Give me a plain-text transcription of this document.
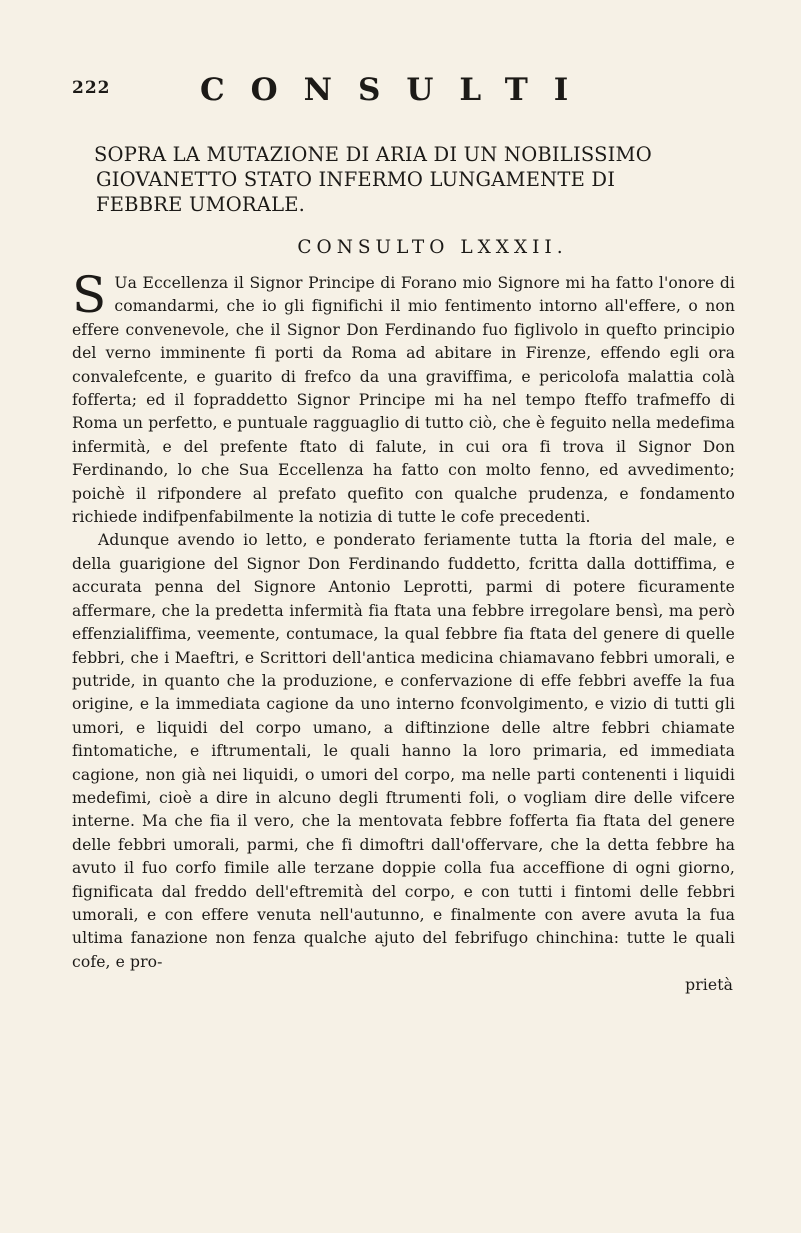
222	CONSULTI
SOPRA LA MUTAZIONE DI ARIA DI UN NOBILISSIMO
GIOVANETTO STATO INFERMO LUNGAMENTE DI
FEBBRE UMORALE.
CONSULTO LXXXII.

S Ua Eccellenza il Signor Principe di Forano mio Signore mi ha fatto l'onore di comandarmi, che io gli fignifichi il mio fentimento intorno all'effere, o non effere convenevole, che il Signor Don Ferdinando fuo figlivolo in quefto principio del verno imminente fi porti da Roma ad abitare in Firenze, effendo egli ora convalefcente, e guarito di frefco da una graviffima, e pericolofa malattia colà fofferta; ed il fopraddetto Signor Principe mi ha nel tempo fteffo trafmeffo di Roma un perfetto, e puntuale ragguaglio di tutto ciò, che è feguito nella medefima infermità, e del prefente ftato di falute, in cui ora fi trova il Signor Don Ferdinando, lo che Sua Eccellenza ha fatto con molto fenno, ed avvedimento; poichè il rifpondere al prefato quefito con qualche prudenza, e fondamento richiede indifpenfabilmente la notizia di tutte le cofe precedenti.

Adunque avendo io letto, e ponderato feriamente tutta la ftoria del male, e della guarigione del Signor Don Ferdinando fuddetto, fcritta dalla dottiffima, e accurata penna del Signore Antonio Leprotti, parmi di potere ficuramente affermare, che la predetta infermità fia ftata una febbre irregolare bensì, ma però effenzialiffima, veemente, contumace, la qual febbre fia ftata del genere di quelle febbri, che i Maeftri, e Scrittori dell'antica medicina chiamavano febbri umorali, e putride, in quanto che la produzione, e confervazione di effe febbri aveffe la fua origine, e la immediata cagione da uno interno fconvolgimento, e vizio di tutti gli umori, e liquidi del corpo umano, a diftinzione delle altre febbri chiamate fintomatiche, e iftrumentali, le quali hanno la loro primaria, ed immediata cagione, non già nei liquidi, o umori del corpo, ma nelle parti contenenti i liquidi medefimi, cioè a dire in alcuno degli ftrumenti foli, o vogliam dire delle vifcere interne. Ma che fia il vero, che la mentovata febbre fofferta fia ftata del genere delle febbri umorali, parmi, che fi dimoftri dall'offervare, che la detta febbre ha avuto il fuo corfo fimile alle terzane doppie colla fua acceffione di ogni giorno, fignificata dal freddo dell'eftremità del corpo, e con tutti i fintomi delle febbri umorali, e con effere venuta nell'autunno, e finalmente con avere avuta la fua ultima fanazione non fenza qualche ajuto del febrifugo chinchina: tutte le quali cofe, e pro-

prietà
